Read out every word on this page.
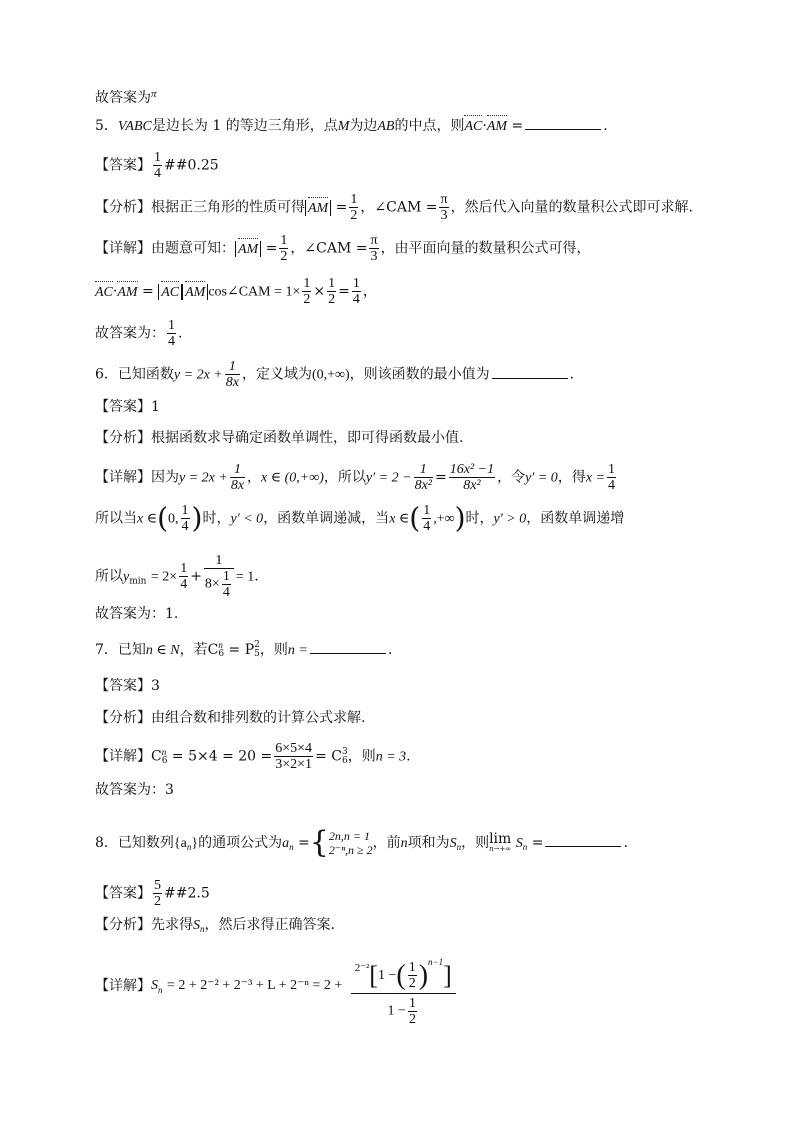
故答案为$^\pi$
5．VABC是边长为 1 的等边三角形，点M为边AB的中点，则AC·AM =	.
【答案】 $\frac{1}{4}$ ##0.25
【分析】根据正三角形的性质可得 AM = $\frac{1}{2}$ ，∠CAM = $\frac{\pi}{3}$ ，然后代入向量的数量积公式即可求解.
【详解】由题意可知： AM = $\frac{1}{2}$ ，∠CAM = $\frac{\pi}{3}$ ，由平面向量的数量积公式可得，
AC·AM = AC AM cos∠CAM = $1\times \frac{1}{2} \times \frac{1}{2} = \frac{1}{4}$ ，
故答案为： $\frac{1}{4}$ .
6．已知函数$y = 2x + \frac{1}{8x}$ ，定义域为(0,+∞)，则该函数的最小值为	.
【答案】1
【分析】根据函数求导确定函数单调性，即可得函数最小值.
【详解】因为$y = 2x + \frac{1}{8x}$ ，x ∈ (0,+∞)，所以$y' = 2 - \frac{1}{\text{8x²}} = \frac{\text{16x² −1}}{\text{8x²}}$ ，令y′ = 0，得$x = \frac{1}{4}$
所以当x ∈(0, $\frac{1}{4}$ )时，y′ < 0，函数单调递减，当x ∈( $\frac{1}{4}$ ,+∞)时，y′ > 0，函数单调递增
所以$y_{min} = 2\times \frac{1}{4} + \frac{1}{8\times \frac{1}{4}} = 1$.
故答案为：1.
7．已知n ∈ N，若C n
6 = P 2
5 ，则n =	.
【答案】3
【分析】由组合数和排列数的计算公式求解.
【详解】C n
$6 = 5\times 4 = 20 = \frac{6\times 5\times 4}{3\times 2\times 1} = C$ 3
6 ，则n = 3.
故答案为：3
8．已知数列$\{a_n\}$的通项公式为$a_n$ ={ 2n,n = 1
2⁻ⁿ,n ≥ 2 ，前n项和为$S_n$，则 lim
n→+∞ $S_n$ =	.
【答案】 $\frac{5}{2}$ ##2.5
【分析】先求得$S_n$，然后求得正确答案.
【详解】$S_n = 2 + 2^{-2} + 2^{-3} + L + 2^{-n} = 2 + \frac{^{2^{-2}}[1 -( \frac{1}{2} )^{n-1}]}{1 - \frac{1}{2}}$
